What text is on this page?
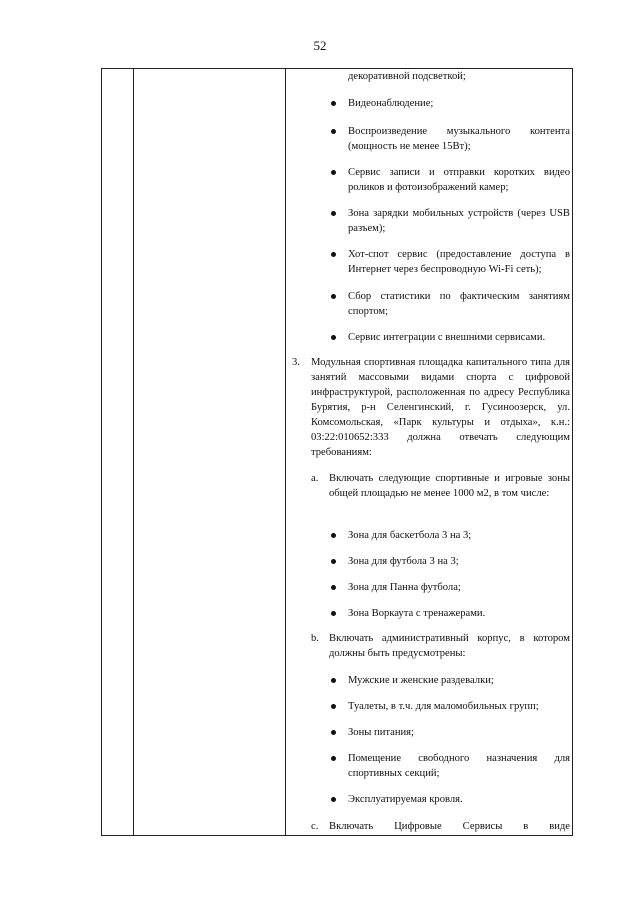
52
декоративной подсветкой;
Видеонаблюдение;
Воспроизведение музыкального контента (мощность не менее 15Вт);
Сервис записи и отправки коротких видео роликов и фотоизображений камер;
Зона зарядки мобильных устройств (через USB разъем);
Хот-спот сервис (предоставление доступа в Интернет через беспроводную Wi-Fi сеть);
Сбор статистики по фактическим занятиям спортом;
Сервис интеграции с внешними сервисами.
3. Модульная спортивная площадка капитального типа для занятий массовыми видами спорта с цифровой инфраструктурой, расположенная по адресу Республика Бурятия, р-н Селенгинский, г. Гусиноозерск, ул. Комсомольская, «Парк культуры и отдыха», к.н.: 03:22:010652:333 должна отвечать следующим требованиям:
a. Включать следующие спортивные и игровые зоны общей площадью не менее 1000 м2, в том числе:
Зона для баскетбола 3 на 3;
Зона для футбола 3 на 3;
Зона для Панна футбола;
Зона Воркаута с тренажерами.
b. Включать административный корпус, в котором должны быть предусмотрены:
Мужские и женские раздевалки;
Туалеты, в т.ч. для маломобильных групп;
Зоны питания;
Помещение свободного назначения для спортивных секций;
Эксплуатируемая кровля.
c. Включать Цифровые Сервисы в виде
